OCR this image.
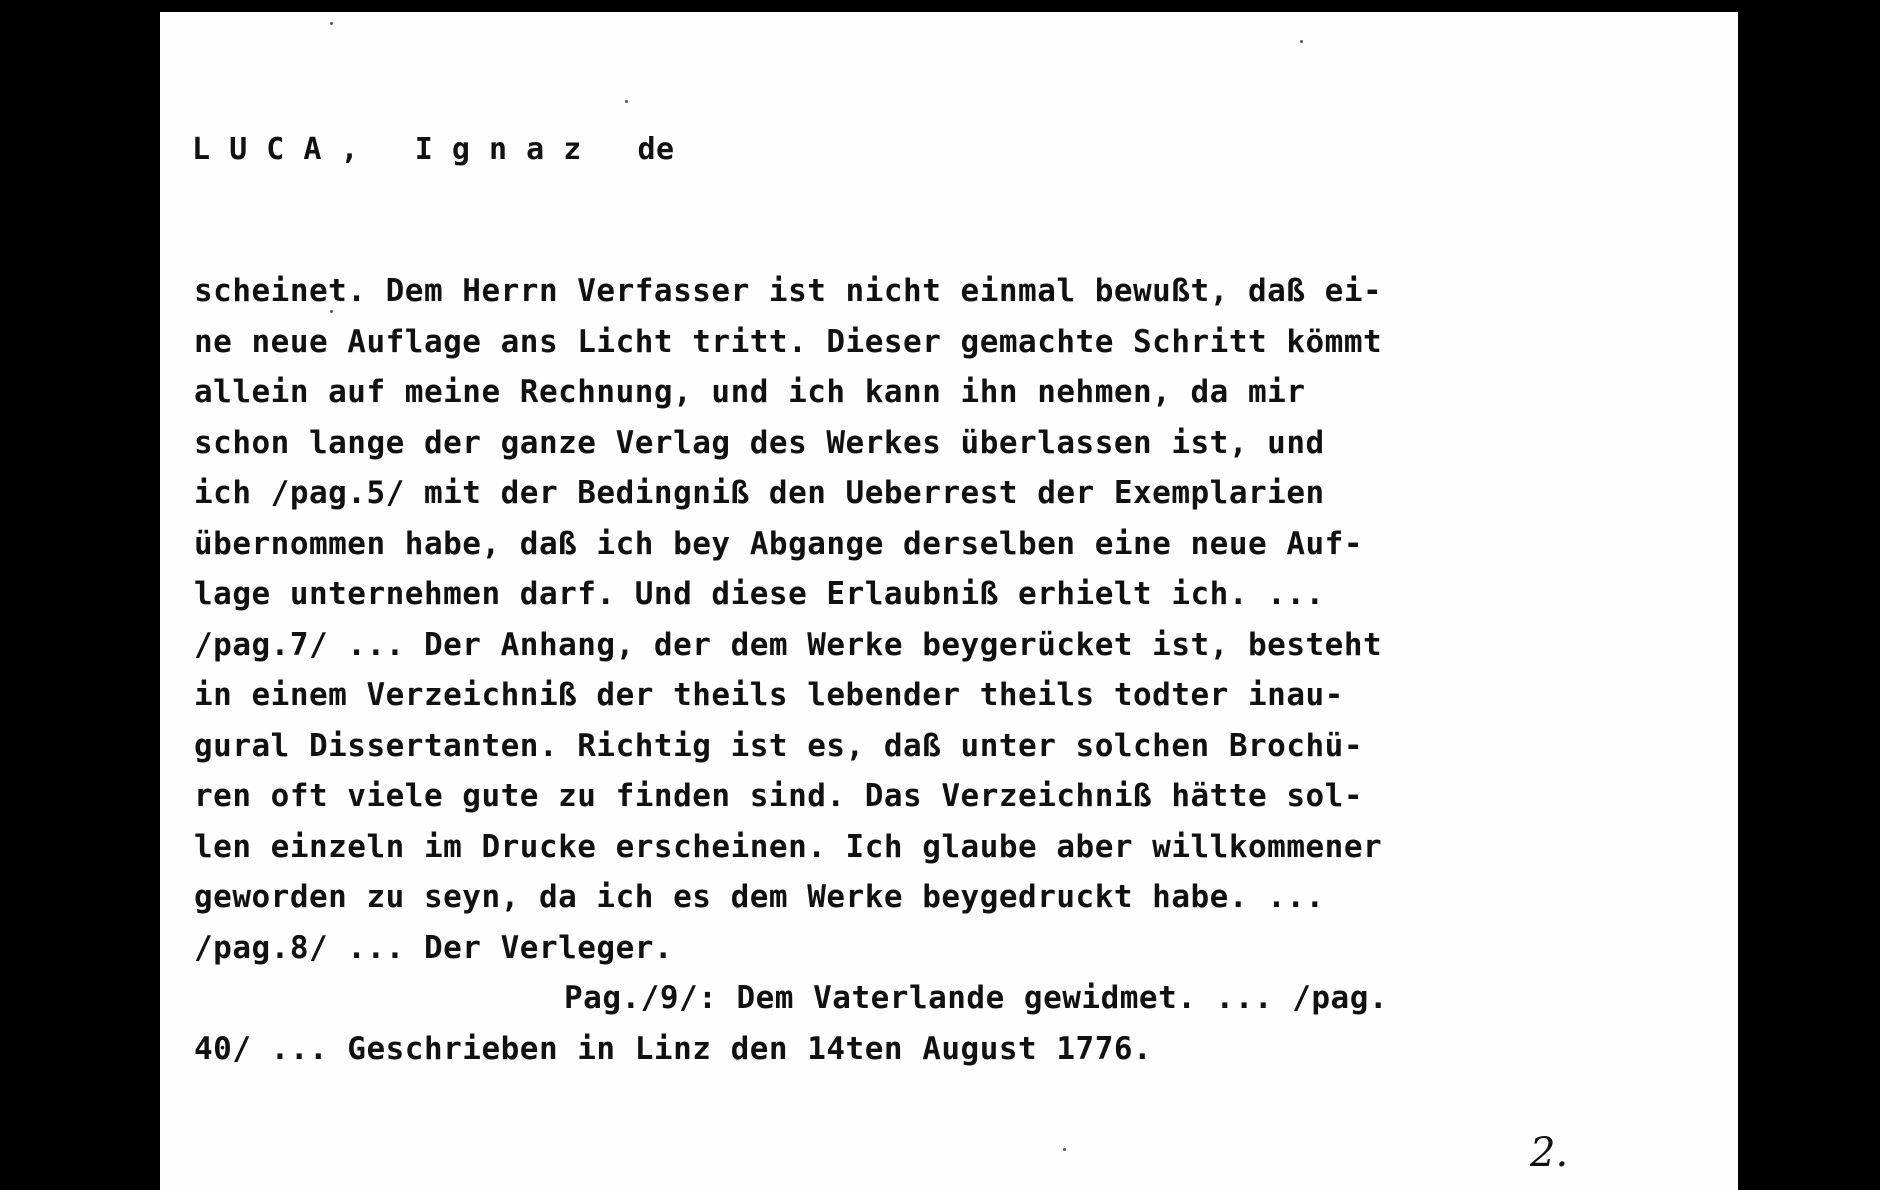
L U C A ,   I g n a z   de
scheinet. Dem Herrn Verfasser ist nicht einmal bewußt, daß ei-
ne neue Auflage ans Licht tritt. Dieser gemachte Schritt kömmt
allein auf meine Rechnung, und ich kann ihn nehmen, da mir
schon lange der ganze Verlag des Werkes überlassen ist, und
ich /pag.5/ mit der Bedingniß den Ueberrest der Exemplarien
übernommen habe, daß ich bey Abgange derselben eine neue Auf-
lage unternehmen darf. Und diese Erlaubniß erhielt ich. ...
/pag.7/ ... Der Anhang, der dem Werke beygerücket ist, besteht
in einem Verzeichniß der theils lebender theils todter inau-
gural Dissertanten. Richtig ist es, daß unter solchen Brochü-
ren oft viele gute zu finden sind. Das Verzeichniß hätte sol-
len einzeln im Drucke erscheinen. Ich glaube aber willkommener
geworden zu seyn, da ich es dem Werke beygedruckt habe. ...
/pag.8/ ... Der Verleger.
Pag./9/: Dem Vaterlande gewidmet. ... /pag.
40/ ... Geschrieben in Linz den 14ten August 1776.
2.
